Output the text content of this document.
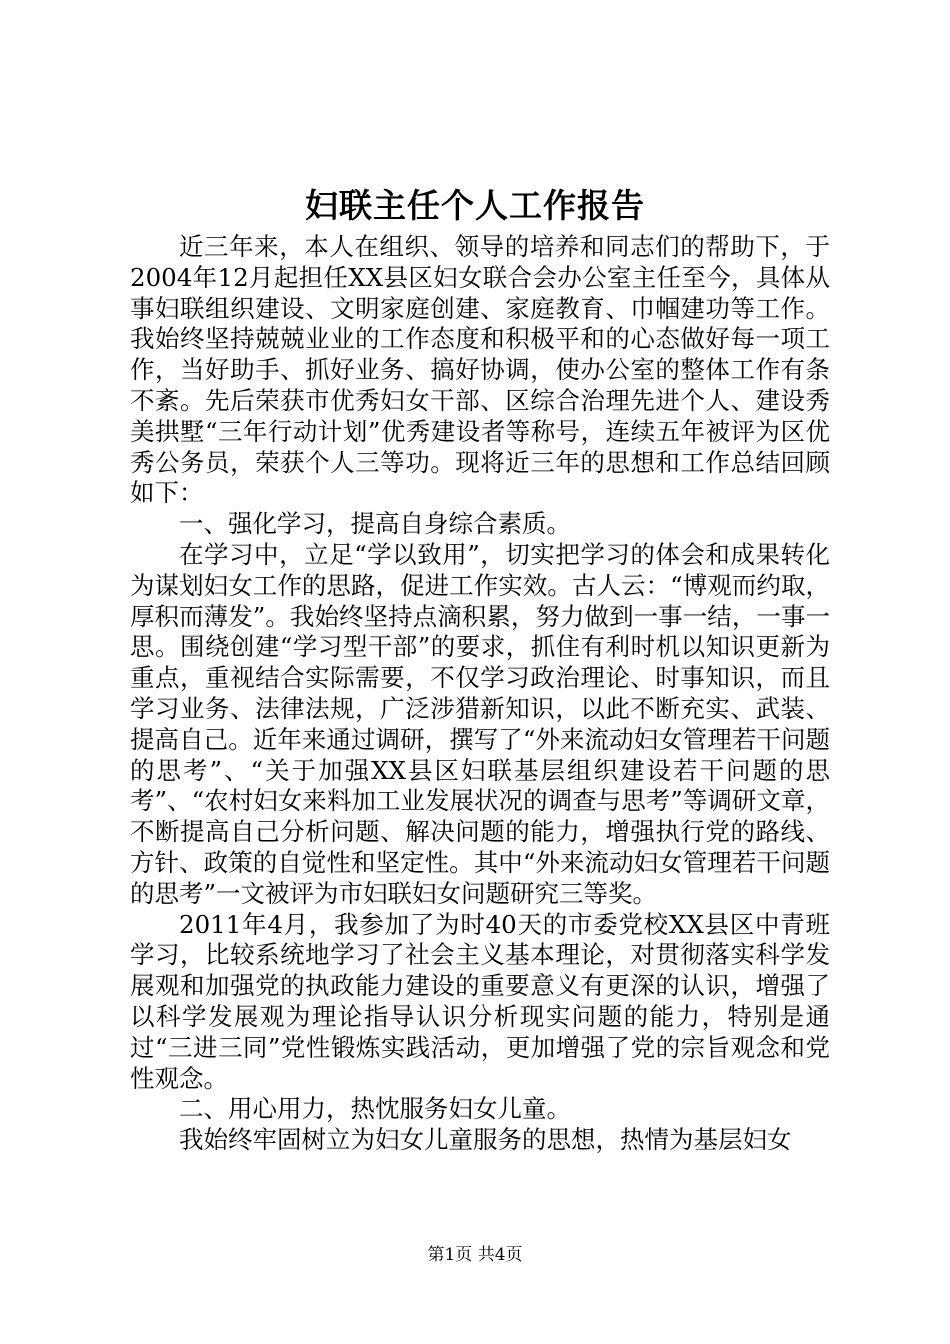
妇联主任个人工作报告

近三年来，本人在组织、领导的培养和同志们的帮助下，于2004年12月起担任XX县区妇女联合会办公室主任至今，具体从事妇联组织建设、文明家庭创建、家庭教育、巾帼建功等工作。我始终坚持兢兢业业的工作态度和积极平和的心态做好每一项工作，当好助手、抓好业务、搞好协调，使办公室的整体工作有条不紊。先后荣获市优秀妇女干部、区综合治理先进个人、建设秀美拱墅“三年行动计划”优秀建设者等称号，连续五年被评为区优秀公务员，荣获个人三等功。现将近三年的思想和工作总结回顾如下：

一、强化学习，提高自身综合素质。

在学习中，立足“学以致用”，切实把学习的体会和成果转化为谋划妇女工作的思路，促进工作实效。古人云：“博观而约取，厚积而薄发”。我始终坚持点滴积累，努力做到一事一结，一事一思。围绕创建“学习型干部”的要求，抓住有利时机以知识更新为重点，重视结合实际需要，不仅学习政治理论、时事知识，而且学习业务、法律法规，广泛涉猎新知识，以此不断充实、武装、提高自己。近年来通过调研，撰写了“外来流动妇女管理若干问题的思考”、“关于加强XX县区妇联基层组织建设若干问题的思考”、“农村妇女来料加工业发展状况的调查与思考”等调研文章，不断提高自己分析问题、解决问题的能力，增强执行党的路线、方针、政策的自觉性和坚定性。其中“外来流动妇女管理若干问题的思考”一文被评为市妇联妇女问题研究三等奖。

2011年4月，我参加了为时40天的市委党校XX县区中青班学习，比较系统地学习了社会主义基本理论，对贯彻落实科学发展观和加强党的执政能力建设的重要意义有更深的认识，增强了以科学发展观为理论指导认识分析现实问题的能力，特别是通过“三进三同”党性锻炼实践活动，更加增强了党的宗旨观念和党性观念。

二、用心用力，热忱服务妇女儿童。

我始终牢固树立为妇女儿童服务的思想，热情为基层妇女

第1页 共4页
